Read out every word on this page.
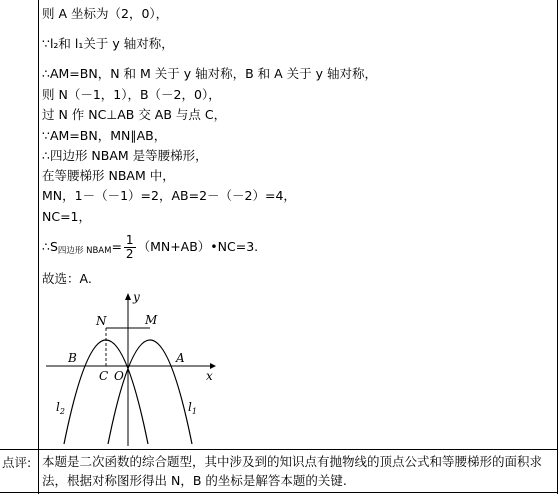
则 A 坐标为（2，0），
∵l₂和 l₁关于 y 轴对称，
∴AM=BN，N 和 M 关于 y 轴对称，B 和 A 关于 y 轴对称，
则 N（－1，1），B（－2，0），
过 N 作 NC⊥AB 交 AB 与点 C，
∵AM=BN，MN∥AB，
∴四边形 NBAM 是等腰梯形，
在等腰梯形 NBAM 中，
MN，1－（－1）=2，AB=2－（－2）=4，
NC=1，
$\therefore S_{四边形 NBAM}= \frac{1}{2}$ （MN+AB）•NC=3.
故选：A.
y
x
N	M
B	A
C O
$l_2$	$l_1$
点评: 本题是二次函数的综合题型，其中涉及到的知识点有抛物线的顶点公式和等腰梯形的面积求法，根据对称图形得出 N，B 的坐标是解答本题的关键.
